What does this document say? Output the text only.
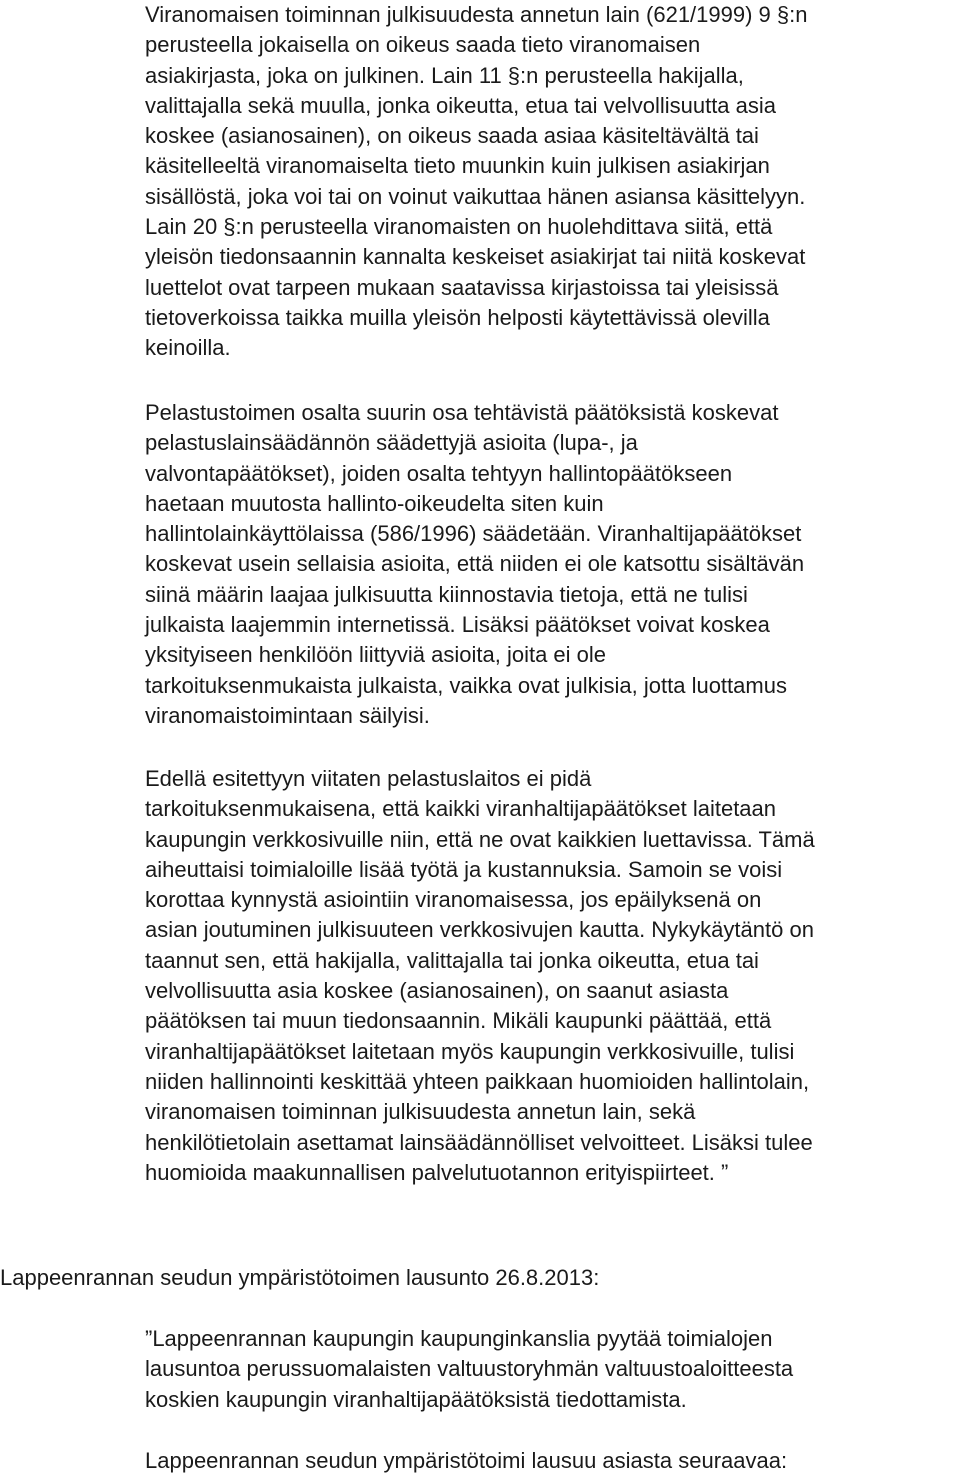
Viranomaisen toiminnan julkisuudesta annetun lain (621/1999) 9 §:n
perusteella jokaisella on oikeus saada tieto viranomaisen
asiakirjasta, joka on julkinen. Lain 11 §:n perusteella hakijalla,
valittajalla sekä muulla, jonka oikeutta, etua tai velvollisuutta asia
koskee (asianosainen), on oikeus saada asiaa käsiteltävältä tai
käsitelleeltä viranomaiselta tieto muunkin kuin julkisen asiakirjan
sisällöstä, joka voi tai on voinut vaikuttaa hänen asiansa käsittelyyn.
Lain 20 §:n perusteella viranomaisten on huolehdittava siitä, että
yleisön tiedonsaannin kannalta keskeiset asiakirjat tai niitä koskevat
luettelot ovat tarpeen mukaan saatavissa kirjastoissa tai yleisissä
tietoverkoissa taikka muilla yleisön helposti käytettävissä olevilla
keinoilla.
Pelastustoimen osalta suurin osa tehtävistä päätöksistä koskevat
pelastuslainsäädännön säädettyjä asioita (lupa-, ja
valvontapäätökset), joiden osalta tehtyyn hallintopäätökseen
haetaan muutosta hallinto-oikeudelta siten kuin
hallintolainkäyttölaissa (586/1996) säädetään. Viranhaltijapäätökset
koskevat usein sellaisia asioita, että niiden ei ole katsottu sisältävän
siinä määrin laajaa julkisuutta kiinnostavia tietoja, että ne tulisi
julkaista laajemmin internetissä. Lisäksi päätökset voivat koskea
yksityiseen henkilöön liittyviä asioita, joita ei ole
tarkoituksenmukaista julkaista, vaikka ovat julkisia, jotta luottamus
viranomaistoimintaan säilyisi.
Edellä esitettyyn viitaten pelastuslaitos ei pidä
tarkoituksenmukaisena, että kaikki viranhaltijapäätökset laitetaan
kaupungin verkkosivuille niin, että ne ovat kaikkien luettavissa. Tämä
aiheuttaisi toimialoille lisää työtä ja kustannuksia. Samoin se voisi
korottaa kynnystä asiointiin viranomaisessa, jos epäilyksenä on
asian joutuminen julkisuuteen verkkosivujen kautta. Nykykäytäntö on
taannut sen, että hakijalla, valittajalla tai jonka oikeutta, etua tai
velvollisuutta asia koskee (asianosainen), on saanut asiasta
päätöksen tai muun tiedonsaannin. Mikäli kaupunki päättää, että
viranhaltijapäätökset laitetaan myös kaupungin verkkosivuille, tulisi
niiden hallinnointi keskittää yhteen paikkaan huomioiden hallintolain,
viranomaisen toiminnan julkisuudesta annetun lain, sekä
henkilötietolain asettamat lainsäädännölliset velvoitteet. Lisäksi tulee
huomioida maakunnallisen palvelutuotannon erityispiirteet. ”
Lappeenrannan seudun ympäristötoimen lausunto 26.8.2013:
”Lappeenrannan kaupungin kaupunginkanslia pyytää toimialojen
lausuntoa perussuomalaisten valtuustoryhmän valtuustoaloitteesta
koskien kaupungin viranhaltijapäätöksistä tiedottamista.
Lappeenrannan seudun ympäristötoimi lausuu asiasta seuraavaa:
